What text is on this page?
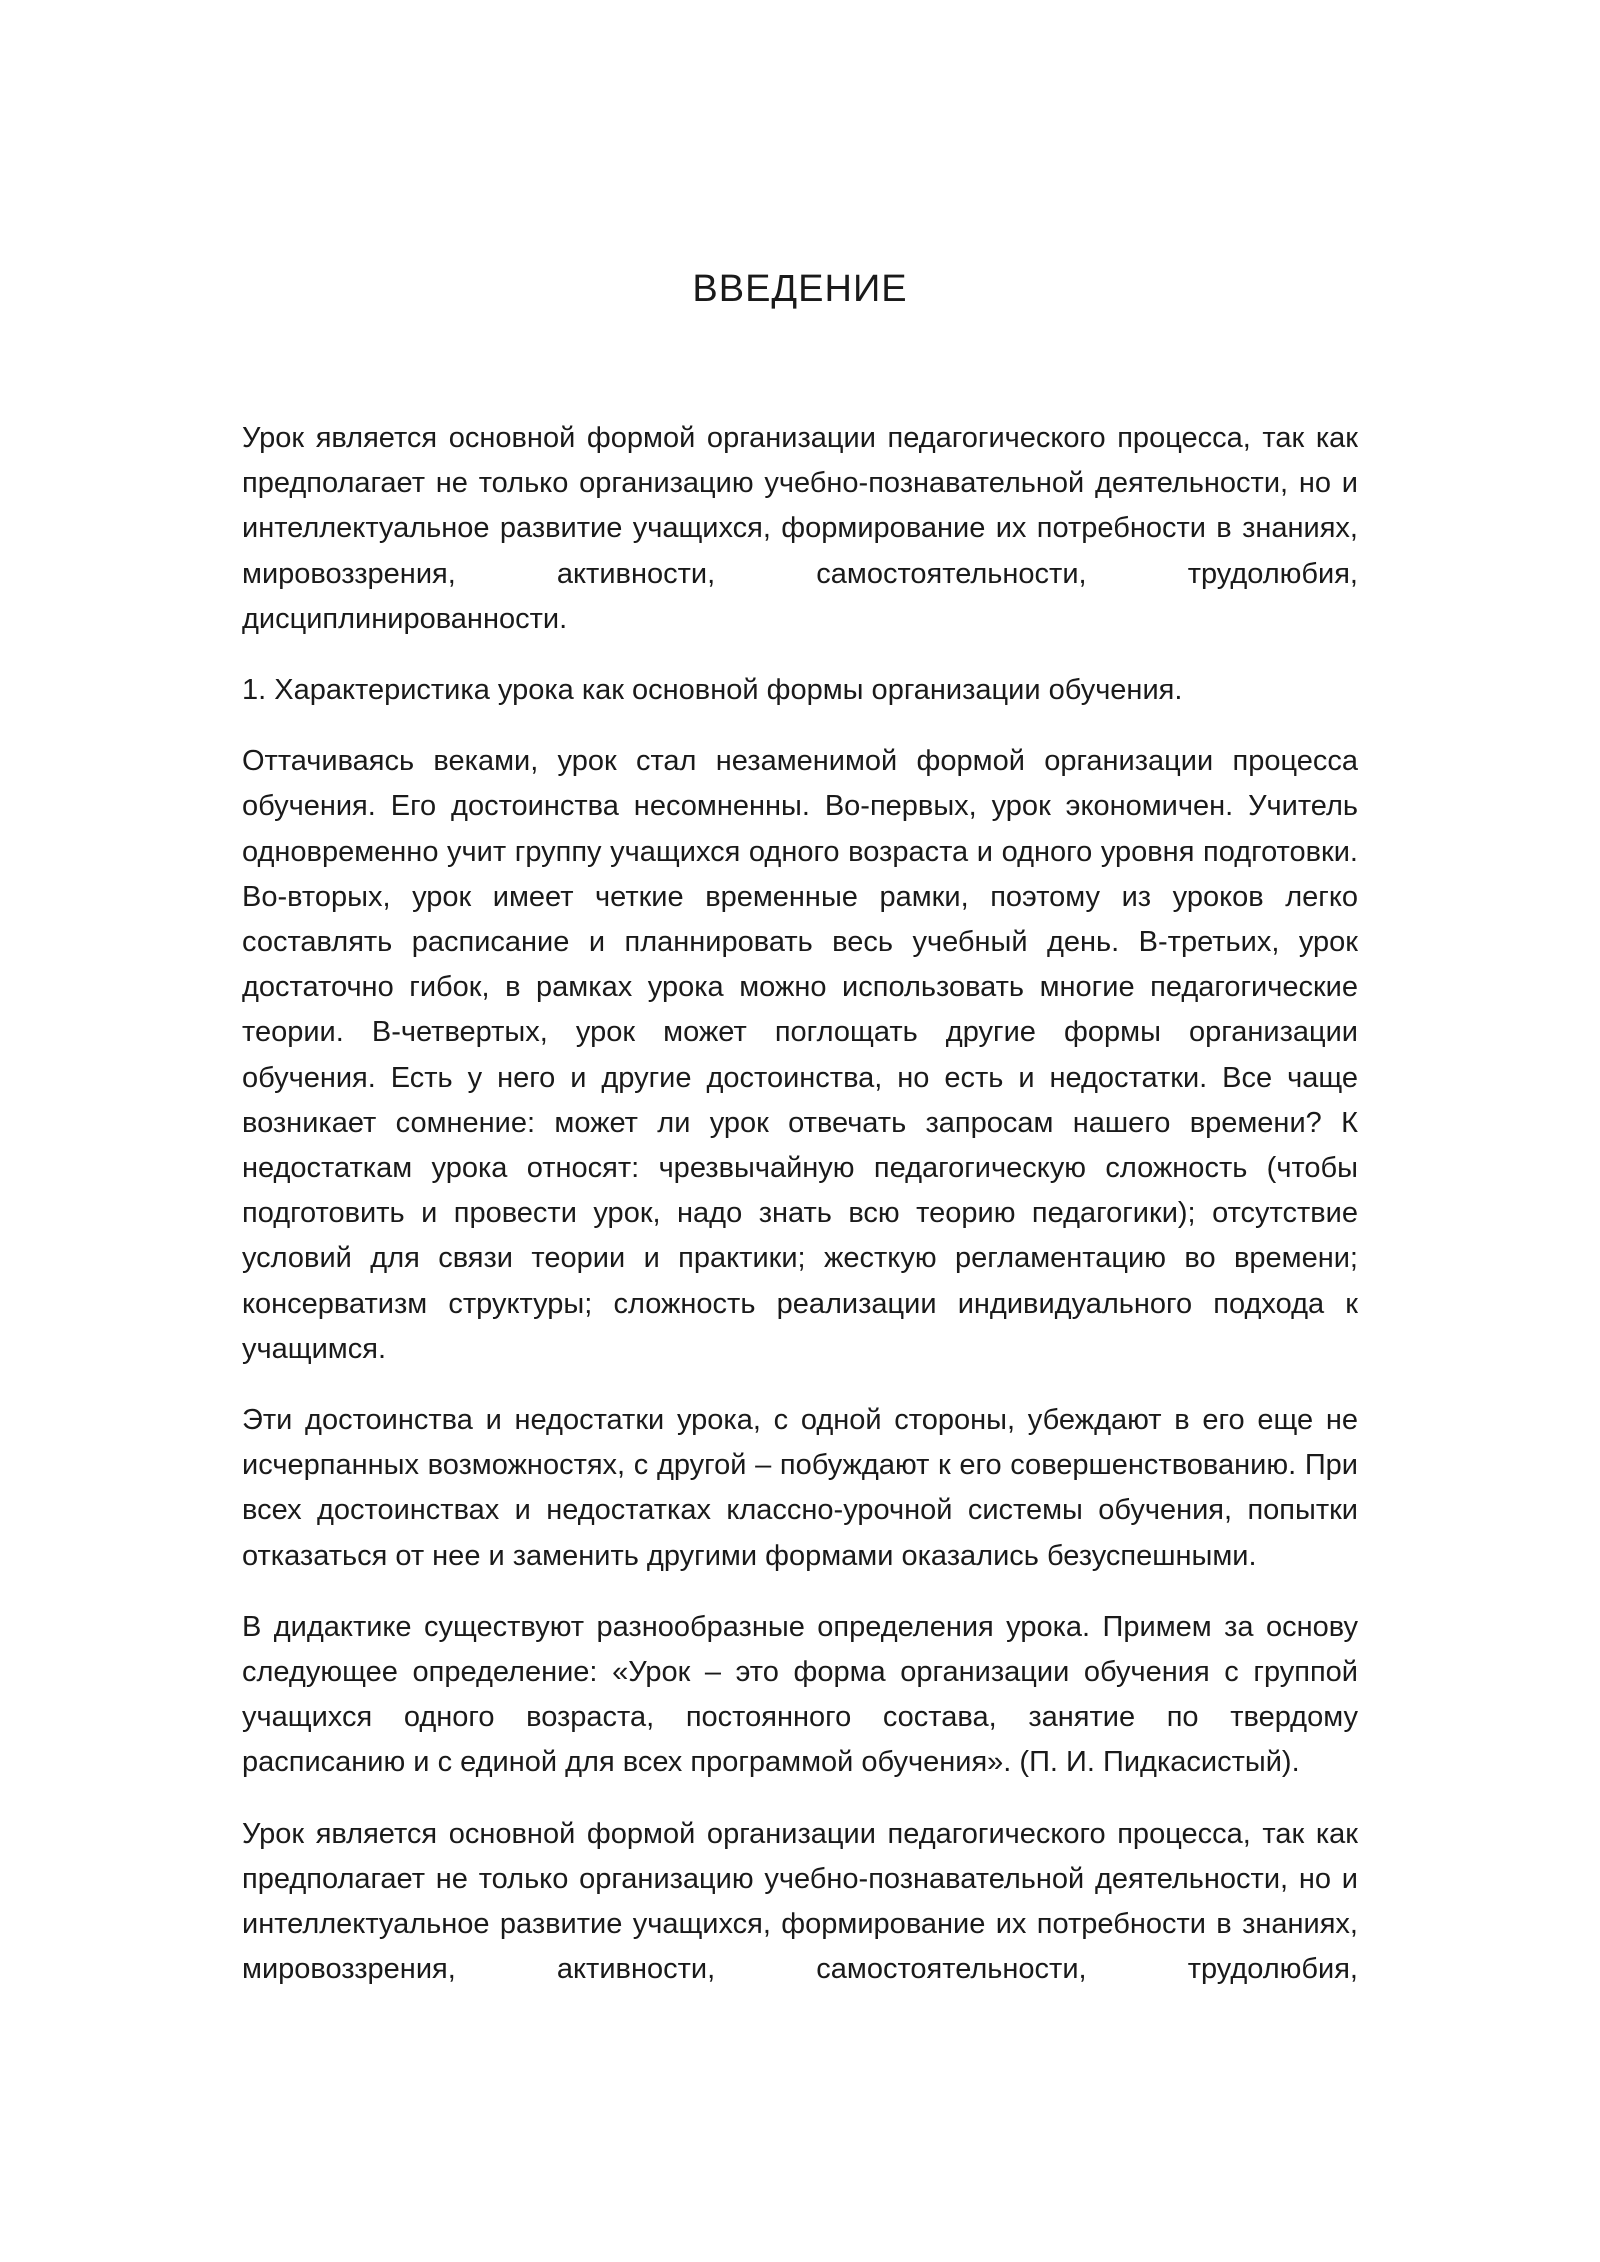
ВВЕДЕНИЕ

Урок является основной формой организации педагогического процесса, так как предполагает не только организацию учебно-познавательной деятельности, но и интеллектуальное развитие учащихся, формирование их потребности в знаниях, мировоззрения, активности, самостоятельности, трудолюбия, дисциплинированности.

1. Характеристика урока как основной формы организации обучения.

Оттачиваясь веками, урок стал незаменимой формой организации процесса обучения. Его достоинства несомненны. Во-первых, урок экономичен. Учитель одновременно учит группу учащихся одного возраста и одного уровня подготовки. Во-вторых, урок имеет четкие временные рамки, поэтому из уроков легко составлять расписание и планнировать весь учебный день. В-третьих, урок достаточно гибок, в рамках урока можно использовать многие педагогические теории. В-четвертых, урок может поглощать другие формы организации обучения. Есть у него и другие достоинства, но есть и недостатки. Все чаще возникает сомнение: может ли урок отвечать запросам нашего времени? К недостаткам урока относят: чрезвычайную педагогическую сложность (чтобы подготовить и провести урок, надо знать всю теорию педагогики); отсутствие условий для связи теории и практики; жесткую регламентацию во времени; консерватизм структуры; сложность реализации индивидуального подхода к учащимся.

Эти достоинства и недостатки урока, с одной стороны, убеждают в его еще не исчерпанных возможностях, с другой – побуждают к его совершенствованию. При всех достоинствах и недостатках классно-урочной системы обучения, попытки отказаться от нее и заменить другими формами оказались безуспешными.

В дидактике существуют разнообразные определения урока. Примем за основу следующее определение: «Урок – это форма организации обучения с группой учащихся одного возраста, постоянного состава, занятие по твердому расписанию и с единой для всех программой обучения». (П. И. Пидкасистый).

Урок является основной формой организации педагогического процесса, так как предполагает не только организацию учебно-познавательной деятельности, но и интеллектуальное развитие учащихся, формирование их потребности в знаниях, мировоззрения, активности, самостоятельности, трудолюбия,
